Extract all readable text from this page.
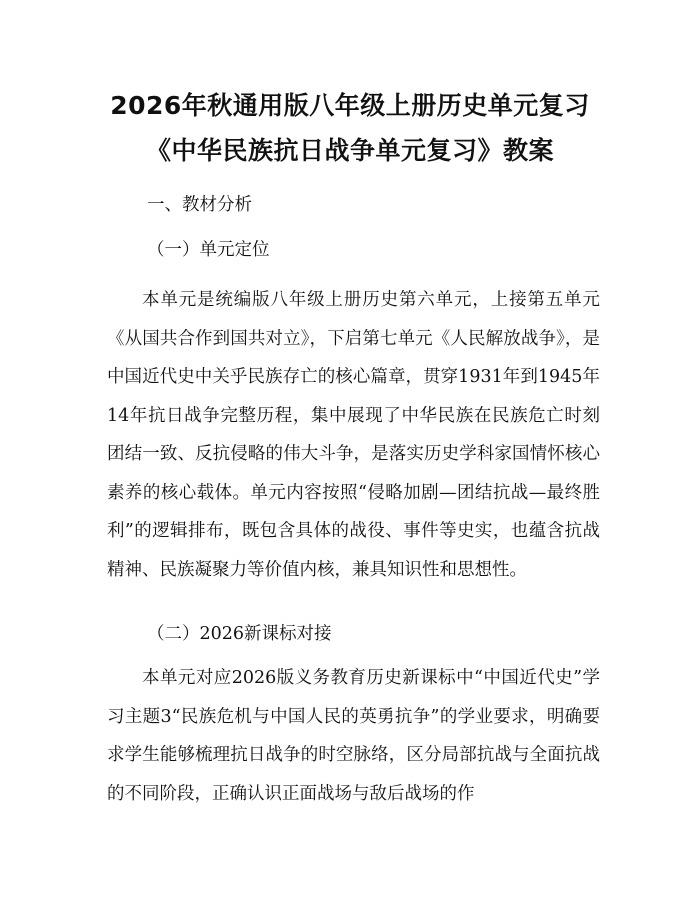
2026年秋通用版八年级上册历史单元复习
《中华民族抗日战争单元复习》教案
一、教材分析
（一）单元定位
本单元是统编版八年级上册历史第六单元，上接第五单元《从国共合作到国共对立》，下启第七单元《人民解放战争》，是中国近代史中关乎民族存亡的核心篇章，贯穿1931年到1945年14年抗日战争完整历程，集中展现了中华民族在民族危亡时刻团结一致、反抗侵略的伟大斗争，是落实历史学科家国情怀核心素养的核心载体。单元内容按照“侵略加剧—团结抗战—最终胜利”的逻辑排布，既包含具体的战役、事件等史实，也蕴含抗战精神、民族凝聚力等价值内核，兼具知识性和思想性。
（二）2026新课标对接
本单元对应2026版义务教育历史新课标中“中国近代史”学习主题3“民族危机与中国人民的英勇抗争”的学业要求，明确要求学生能够梳理抗日战争的时空脉络，区分局部抗战与全面抗战的不同阶段，正确认识正面战场与敌后战场的作
